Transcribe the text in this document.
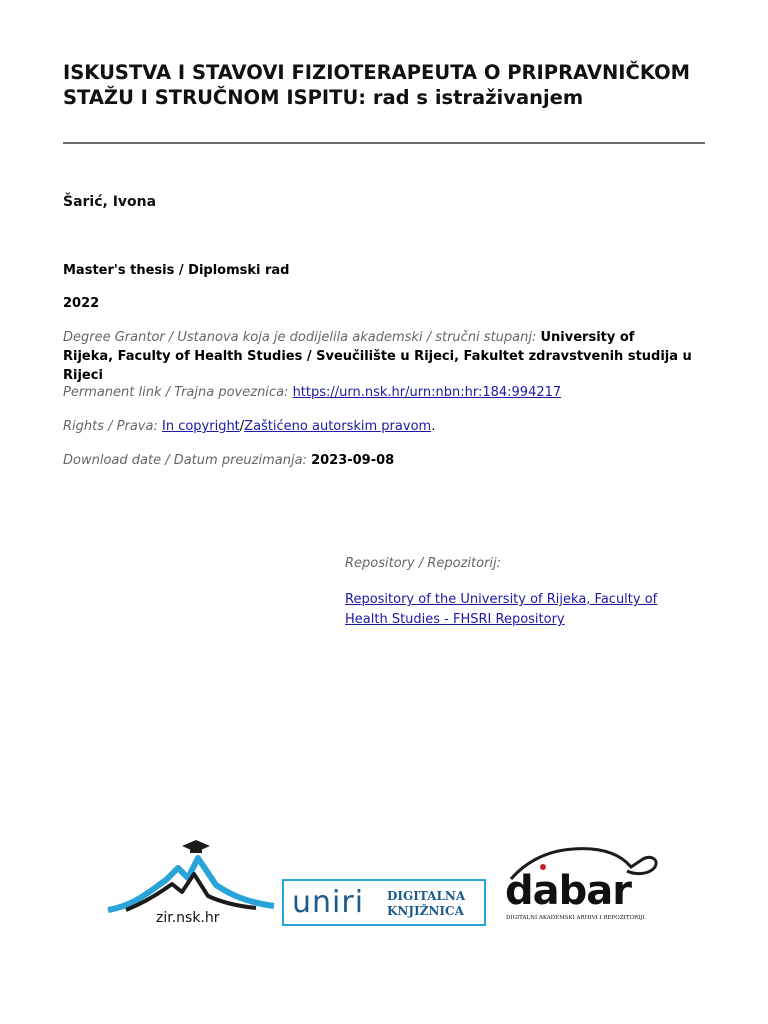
ISKUSTVA I STAVOVI FIZIOTERAPEUTA O PRIPRAVNIČKOM STAŽU I STRUČNOM ISPITU: rad s istraživanjem
Šarić, Ivona
Master's thesis / Diplomski rad
2022
Degree Grantor / Ustanova koja je dodijelila akademski / stručni stupanj: University of
Rijeka, Faculty of Health Studies / Sveučilište u Rijeci, Fakultet zdravstvenih studija u Rijeci
Permanent link / Trajna poveznica: https://urn.nsk.hr/urn:nbn:hr:184:994217
Rights / Prava: In copyright/Zaštićeno autorskim pravom.
Download date / Datum preuzimanja: 2023-09-08
Repository / Repozitorij:
Repository of the University of Rijeka, Faculty of
Health Studies - FHSRI Repository
zir.nsk.hr uniri DIGITALNA
KNJIŽNICA dabar
DIGITALNI AKADEMSKI ARHIVI I REPOZITORIJI
